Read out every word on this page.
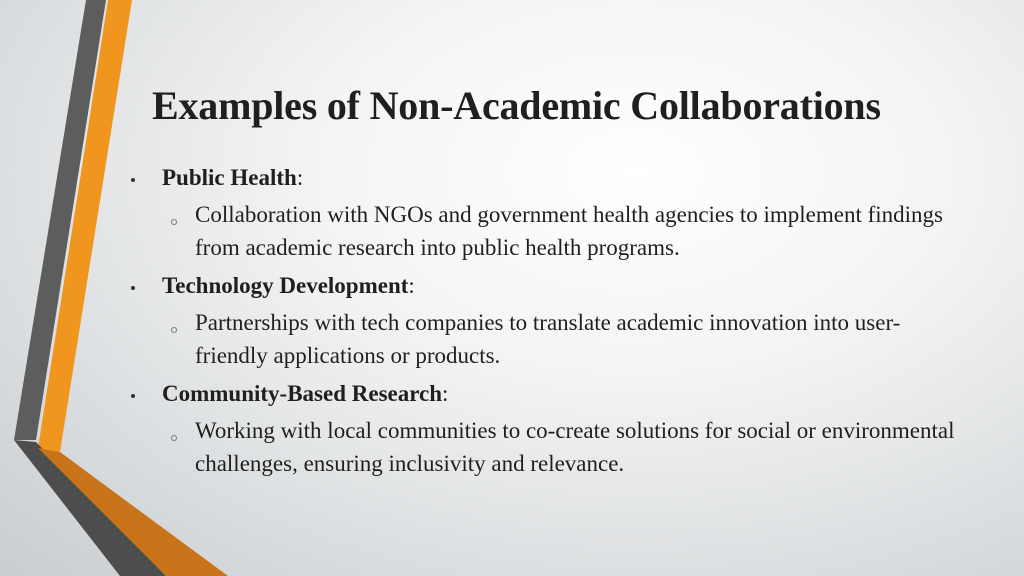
Examples of Non-Academic Collaborations
Public Health:
Collaboration with NGOs and government health agencies to implement findings from academic research into public health programs.
Technology Development:
Partnerships with tech companies to translate academic innovation into user-friendly applications or products.
Community-Based Research:
Working with local communities to co-create solutions for social or environmental challenges, ensuring inclusivity and relevance.
